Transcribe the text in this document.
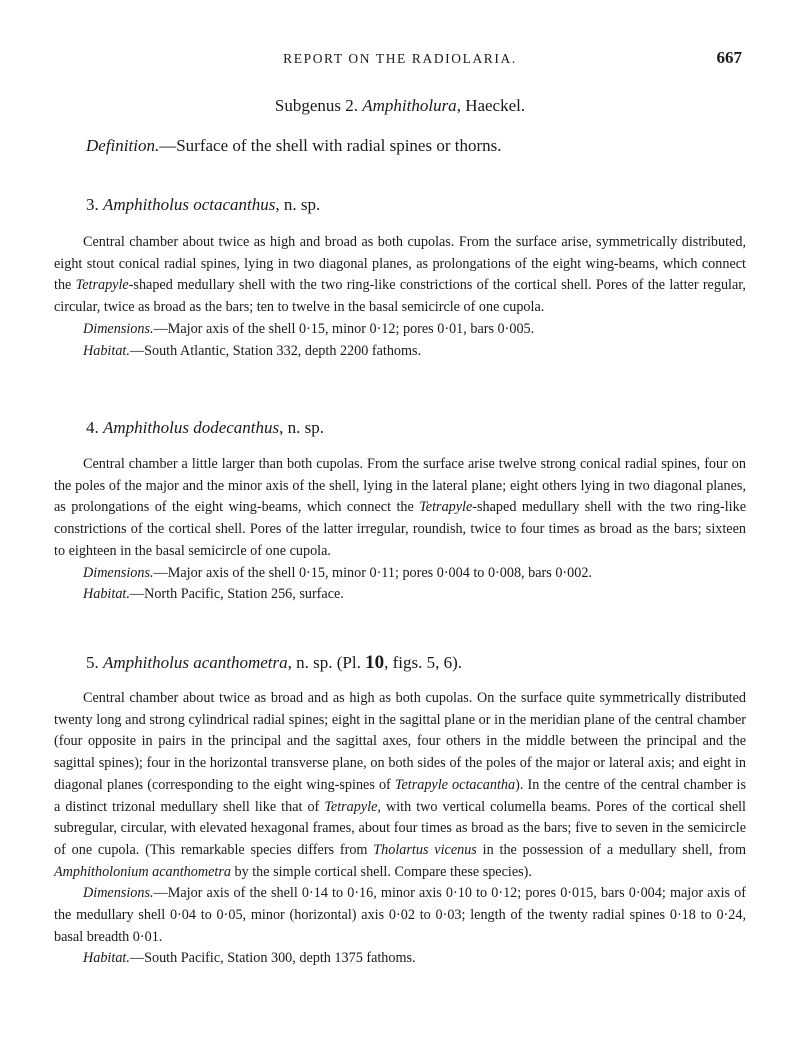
REPORT ON THE RADIOLARIA.	667
Subgenus 2. Amphitholura, Haeckel.
Definition.—Surface of the shell with radial spines or thorns.
3. Amphitholus octacanthus, n. sp.

Central chamber about twice as high and broad as both cupolas. From the surface arise, symmetrically distributed, eight stout conical radial spines, lying in two diagonal planes, as prolongations of the eight wing-beams, which connect the Tetrapyle-shaped medullary shell with the two ring-like constrictions of the cortical shell. Pores of the latter regular, circular, twice as broad as the bars; ten to twelve in the basal semicircle of one cupola.

Dimensions.—Major axis of the shell 0·15, minor 0·12; pores 0·01, bars 0·005.

Habitat.—South Atlantic, Station 332, depth 2200 fathoms.

4. Amphitholus dodecanthus, n. sp.

Central chamber a little larger than both cupolas. From the surface arise twelve strong conical radial spines, four on the poles of the major and the minor axis of the shell, lying in the lateral plane; eight others lying in two diagonal planes, as prolongations of the eight wing-beams, which connect the Tetrapyle-shaped medullary shell with the two ring-like constrictions of the cortical shell. Pores of the latter irregular, roundish, twice to four times as broad as the bars; sixteen to eighteen in the basal semicircle of one cupola.

Dimensions.—Major axis of the shell 0·15, minor 0·11; pores 0·004 to 0·008, bars 0·002.

Habitat.—North Pacific, Station 256, surface.

5. Amphitholus acanthometra, n. sp. (Pl. 10, figs. 5, 6).

Central chamber about twice as broad and as high as both cupolas. On the surface quite symmetrically distributed twenty long and strong cylindrical radial spines; eight in the sagittal plane or in the meridian plane of the central chamber (four opposite in pairs in the principal and the sagittal axes, four others in the middle between the principal and the sagittal spines); four in the horizontal transverse plane, on both sides of the poles of the major or lateral axis; and eight in diagonal planes (corresponding to the eight wing-spines of Tetrapyle octacantha). In the centre of the central chamber is a distinct trizonal medullary shell like that of Tetrapyle, with two vertical columella beams. Pores of the cortical shell subregular, circular, with elevated hexagonal frames, about four times as broad as the bars; five to seven in the semicircle of one cupola. (This remarkable species differs from Tholartus vicenus in the possession of a medullary shell, from Amphitholonium acanthometra by the simple cortical shell. Compare these species).

Dimensions.—Major axis of the shell 0·14 to 0·16, minor axis 0·10 to 0·12; pores 0·015, bars 0·004; major axis of the medullary shell 0·04 to 0·05, minor (horizontal) axis 0·02 to 0·03; length of the twenty radial spines 0·18 to 0·24, basal breadth 0·01.

Habitat.—South Pacific, Station 300, depth 1375 fathoms.
